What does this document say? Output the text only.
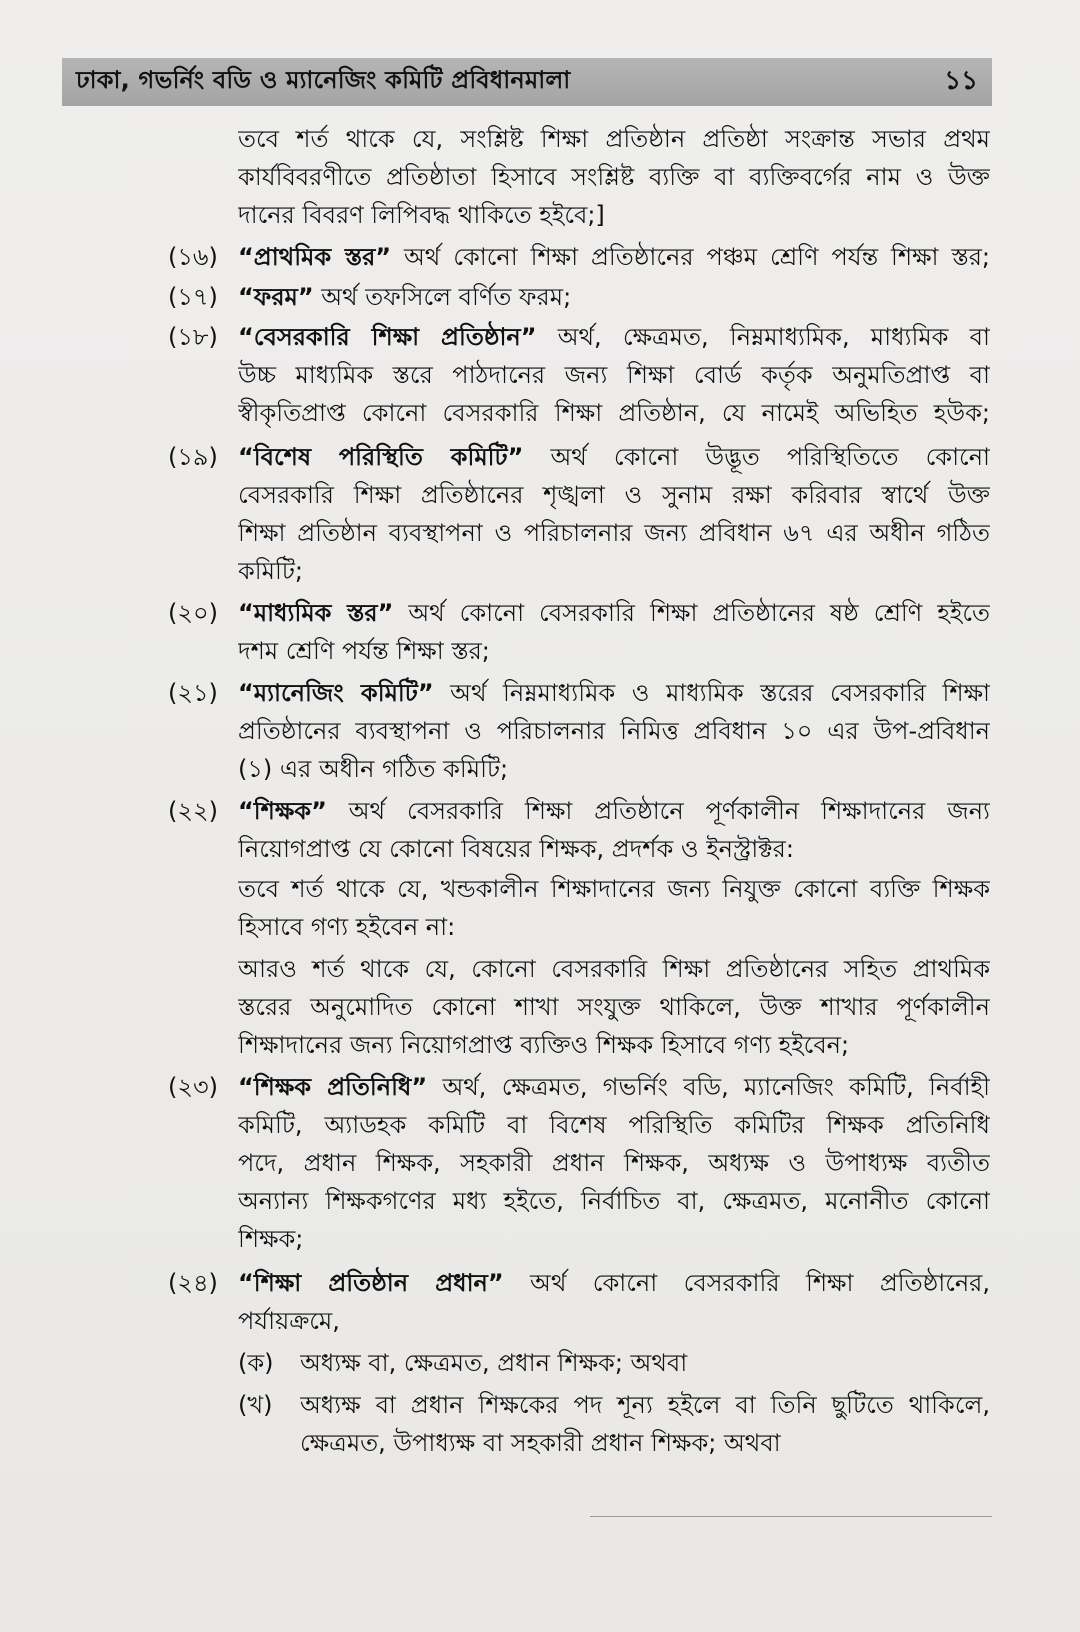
ঢাকা, গভর্নিং বডি ও ম্যানেজিং কমিটি প্রবিধানমালা	১১
তবে শর্ত থাকে যে, সংশ্লিষ্ট শিক্ষা প্রতিষ্ঠান প্রতিষ্ঠা সংক্রান্ত সভার প্রথম
কার্যবিবরণীতে প্রতিষ্ঠাতা হিসাবে সংশ্লিষ্ট ব্যক্তি বা ব্যক্তিবর্গের নাম ও উক্ত
দানের বিবরণ লিপিবদ্ধ থাকিতে হইবে;]
(১৬) “প্রাথমিক স্তর” অর্থ কোনো শিক্ষা প্রতিষ্ঠানের পঞ্চম শ্রেণি পর্যন্ত শিক্ষা স্তর;
(১৭) “ফরম” অর্থ তফসিলে বর্ণিত ফরম;
(১৮) “বেসরকারি শিক্ষা প্রতিষ্ঠান” অর্থ, ক্ষেত্রমত, নিম্নমাধ্যমিক, মাধ্যমিক বা
উচ্চ মাধ্যমিক স্তরে পাঠদানের জন্য শিক্ষা বোর্ড কর্তৃক অনুমতিপ্রাপ্ত বা
স্বীকৃতিপ্রাপ্ত কোনো বেসরকারি শিক্ষা প্রতিষ্ঠান, যে নামেই অভিহিত হউক;
(১৯) “বিশেষ পরিস্থিতি কমিটি” অর্থ কোনো উদ্ভূত পরিস্থিতিতে কোনো
বেসরকারি শিক্ষা প্রতিষ্ঠানের শৃঙ্খলা ও সুনাম রক্ষা করিবার স্বার্থে উক্ত
শিক্ষা প্রতিষ্ঠান ব্যবস্থাপনা ও পরিচালনার জন্য প্রবিধান ৬৭ এর অধীন গঠিত
কমিটি;
(২০) “মাধ্যমিক স্তর” অর্থ কোনো বেসরকারি শিক্ষা প্রতিষ্ঠানের ষষ্ঠ শ্রেণি হইতে
দশম শ্রেণি পর্যন্ত শিক্ষা স্তর;
(২১) “ম্যানেজিং কমিটি” অর্থ নিম্নমাধ্যমিক ও মাধ্যমিক স্তরের বেসরকারি শিক্ষা
প্রতিষ্ঠানের ব্যবস্থাপনা ও পরিচালনার নিমিত্ত প্রবিধান ১০ এর উপ-প্রবিধান
(১) এর অধীন গঠিত কমিটি;
(২২) “শিক্ষক” অর্থ বেসরকারি শিক্ষা প্রতিষ্ঠানে পূর্ণকালীন শিক্ষাদানের জন্য
নিয়োগপ্রাপ্ত যে কোনো বিষয়ের শিক্ষক, প্রদর্শক ও ইনস্ট্রাক্টর:
তবে শর্ত থাকে যে, খন্ডকালীন শিক্ষাদানের জন্য নিযুক্ত কোনো ব্যক্তি শিক্ষক
হিসাবে গণ্য হইবেন না:
আরও শর্ত থাকে যে, কোনো বেসরকারি শিক্ষা প্রতিষ্ঠানের সহিত প্রাথমিক
স্তরের অনুমোদিত কোনো শাখা সংযুক্ত থাকিলে, উক্ত শাখার পূর্ণকালীন
শিক্ষাদানের জন্য নিয়োগপ্রাপ্ত ব্যক্তিও শিক্ষক হিসাবে গণ্য হইবেন;
(২৩) “শিক্ষক প্রতিনিধি” অর্থ, ক্ষেত্রমত, গভর্নিং বডি, ম্যানেজিং কমিটি, নির্বাহী
কমিটি, অ্যাডহক কমিটি বা বিশেষ পরিস্থিতি কমিটির শিক্ষক প্রতিনিধি
পদে, প্রধান শিক্ষক, সহকারী প্রধান শিক্ষক, অধ্যক্ষ ও উপাধ্যক্ষ ব্যতীত
অন্যান্য শিক্ষকগণের মধ্য হইতে, নির্বাচিত বা, ক্ষেত্রমত, মনোনীত কোনো
শিক্ষক;
(২৪) “শিক্ষা প্রতিষ্ঠান প্রধান” অর্থ কোনো বেসরকারি শিক্ষা প্রতিষ্ঠানের,
পর্যায়ক্রমে,
(ক) অধ্যক্ষ বা, ক্ষেত্রমত, প্রধান শিক্ষক; অথবা
(খ) অধ্যক্ষ বা প্রধান শিক্ষকের পদ শূন্য হইলে বা তিনি ছুটিতে থাকিলে,
ক্ষেত্রমত, উপাধ্যক্ষ বা সহকারী প্রধান শিক্ষক; অথবা
